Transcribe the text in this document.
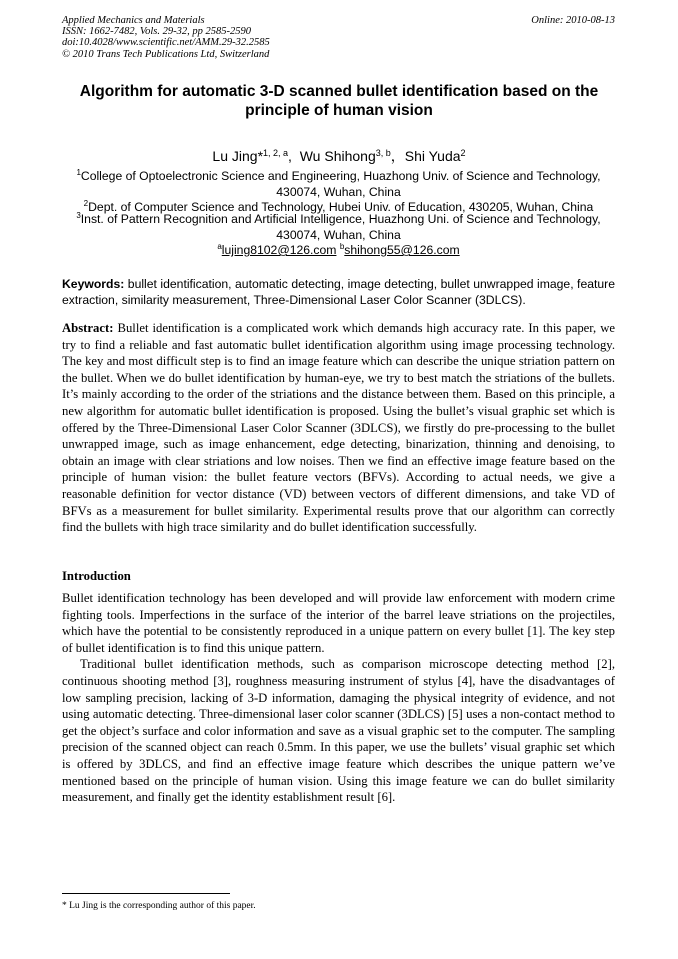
Applied Mechanics and Materials
ISSN: 1662-7482, Vols. 29-32, pp 2585-2590
doi:10.4028/www.scientific.net/AMM.29-32.2585
© 2010 Trans Tech Publications Ltd, Switzerland
Online: 2010-08-13
Algorithm for automatic 3-D scanned bullet identification based on the principle of human vision
Lu Jing*$^{1, 2, a}$,  Wu Shihong$^{3, b}$，Shi Yuda$^2$
$^1$College of Optoelectronic Science and Engineering, Huazhong Univ. of Science and Technology, 430074, Wuhan, China
$^2$Dept. of Computer Science and Technology, Hubei Univ. of Education, 430205, Wuhan, China
$^3$Inst. of Pattern Recognition and Artificial Intelligence, Huazhong Uni. of Science and Technology, 430074, Wuhan, China
$^a$lujing8102@126.com $^b$shihong55@126.com
Keywords: bullet identification, automatic detecting, image detecting, bullet unwrapped image, feature extraction, similarity measurement, Three-Dimensional Laser Color Scanner (3DLCS).
Abstract: Bullet identification is a complicated work which demands high accuracy rate. In this paper, we try to find a reliable and fast automatic bullet identification algorithm using image processing technology. The key and most difficult step is to find an image feature which can describe the unique striation pattern on the bullet. When we do bullet identification by human-eye, we try to best match the striations of the bullets. It’s mainly according to the order of the striations and the distance between them. Based on this principle, a new algorithm for automatic bullet identification is proposed. Using the bullet’s visual graphic set which is offered by the Three-Dimensional Laser Color Scanner (3DLCS), we firstly do pre-processing to the bullet unwrapped image, such as image enhancement, edge detecting, binarization, thinning and denoising, to obtain an image with clear striations and low noises. Then we find an effective image feature based on the principle of human vision: the bullet feature vectors (BFVs). According to actual needs, we give a reasonable definition for vector distance (VD) between vectors of different dimensions, and take VD of BFVs as a measurement for bullet similarity. Experimental results prove that our algorithm can correctly find the bullets with high trace similarity and do bullet identification successfully.
Introduction

Bullet identification technology has been developed and will provide law enforcement with modern crime fighting tools. Imperfections in the surface of the interior of the barrel leave striations on the projectiles, which have the potential to be consistently reproduced in a unique pattern on every bullet [1]. The key step of bullet identification is to find this unique pattern.

Traditional bullet identification methods, such as comparison microscope detecting method [2], continuous shooting method [3], roughness measuring instrument of stylus [4], have the disadvantages of low sampling precision, lacking of 3-D information, damaging the physical integrity of evidence, and not using automatic detecting. Three-dimensional laser color scanner (3DLCS) [5] uses a non-contact method to get the object’s surface and color information and save as a visual graphic set to the computer. The sampling precision of the scanned object can reach 0.5mm. In this paper, we use the bullets’ visual graphic set which is offered by 3DLCS, and find an effective image feature which describes the unique pattern we’ve mentioned based on the principle of human vision. Using this image feature we can do bullet similarity measurement, and finally get the identity establishment result [6].

* Lu Jing is the corresponding author of this paper.
